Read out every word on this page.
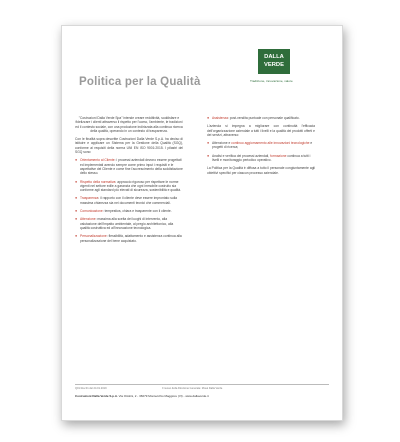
Politica per la Qualità
DALLA
VERDE
Tradizione, innovazione, valore

"Costruzioni Dalla Verde Spa" intende creare redditività, soddisfare e fidelizzare i clienti attraverso il rispetto per l'uomo, l'ambiente, le tradizioni ed il contesto sociale, con una produzione indirizzata alla continua ricerca della qualità, operando in un contesto di trasparenza.

Con le finalità sopra descritte Costruzioni Dalla Verde S.p.A. ha deciso di istituire e applicare un Sistema per la Gestione della Qualità (SGQ), conforme ai requisiti della norma UNI EN ISO 9001:2015. I pilastri del SGQ sono:

● Orientamento al Cliente: i processi aziendali devono essere progettati ed implementati avendo sempre come primo input i requisiti e le aspettative del Cliente e come fine l'accrescimento della soddisfazione dello stesso.
● Rispetto della normativa: approccio rigoroso per rispettare le norme vigenti nel settore edile a garanzia che ogni immobile costruito sia conforme agli standard più elevati di sicurezza, sostenibilità e qualità.
● Trasparenza: il rapporto con il cliente deve essere improntato sulla massima chiarezza sia nei documenti tecnici che commerciali.
● Comunicazione: tempestiva, chiara e trasparente con il cliente.
● Attenzione: massima alla scelta dei luoghi di intervento, alla valutazione dell'impatto ambientale, al pregio architettonico, alla qualità costruttiva ed all'innovazione tecnologica.
● Personalizzazione: flessibilità, adattamento e assistenza continua alla personalizzazione del bene acquistato.
● Assistenza: post-vendita puntuale con personale qualificato.

L'azienda si impegna a migliorare con continuità l'efficacia dell'organizzazione aziendale a tutti i livelli e la qualità dei prodotti offerti e dei servizi, attraverso:

● Attenzione e continuo aggiornamento alle innovazioni tecnologiche e progetti di ricerca;
● Analisi e verifica dei processi aziendali, formazione continua a tutti i livelli e monitoraggio periodico operativo.

La Politica per la Qualità è diffusa a tutto il personale congiuntamente agli obiettivi specifici per ciascun processo aziendale.

Q01 Rev.01 del 24.01.2019	Il nuovo della Direzione Generale: Mosè Dalla Verde
Costruzioni Dalla Verde S.p.A. Via Ottolini, 2 - 36079 Montecchio Maggiore (VI) - www.dallaverde.it
